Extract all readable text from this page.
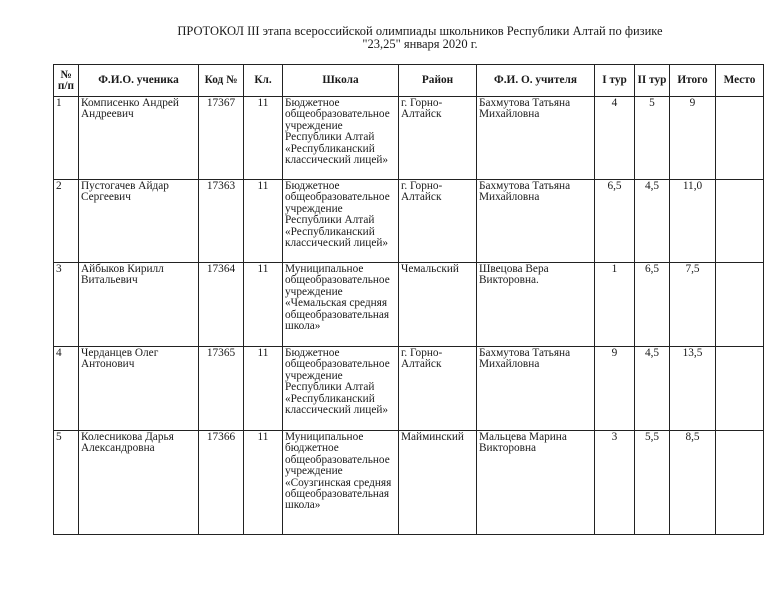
ПРОТОКОЛ III этапа всероссийской олимпиады школьников Республики Алтай по физике
"23,25" января 2020 г.
№ п/п	Ф.И.О. ученика	Код №	Кл.	Школа	Район	Ф.И. О. учителя	I тур	II тур	Итого	Место
1	Комписенко Андрей Андреевич	17367	11	Бюджетное общеобразовательное учреждение Республики Алтай «Республиканский классический лицей»	г. Горно-Алтайск	Бахмутова Татьяна Михайловна	4	5	9	
2	Пустогачев Айдар Сергеевич	17363	11	Бюджетное общеобразовательное учреждение Республики Алтай «Республиканский классический лицей»	г. Горно-Алтайск	Бахмутова Татьяна Михайловна	6,5	4,5	11,0	
3	Айбыков Кирилл Витальевич	17364	11	Муниципальное общеобразовательное учреждение «Чемальская средняя общеобразовательная школа»	Чемальский	Швецова Вера Викторовна.	1	6,5	7,5	
4	Черданцев Олег Антонович	17365	11	Бюджетное общеобразовательное учреждение Республики Алтай «Республиканский классический лицей»	г. Горно-Алтайск	Бахмутова Татьяна Михайловна	9	4,5	13,5	
5	Колесникова Дарья Александровна	17366	11	Муниципальное бюджетное общеобразовательное учреждение «Соузгинская средняя общеобразовательная школа»	Майминский	Мальцева Марина Викторовна	3	5,5	8,5	
